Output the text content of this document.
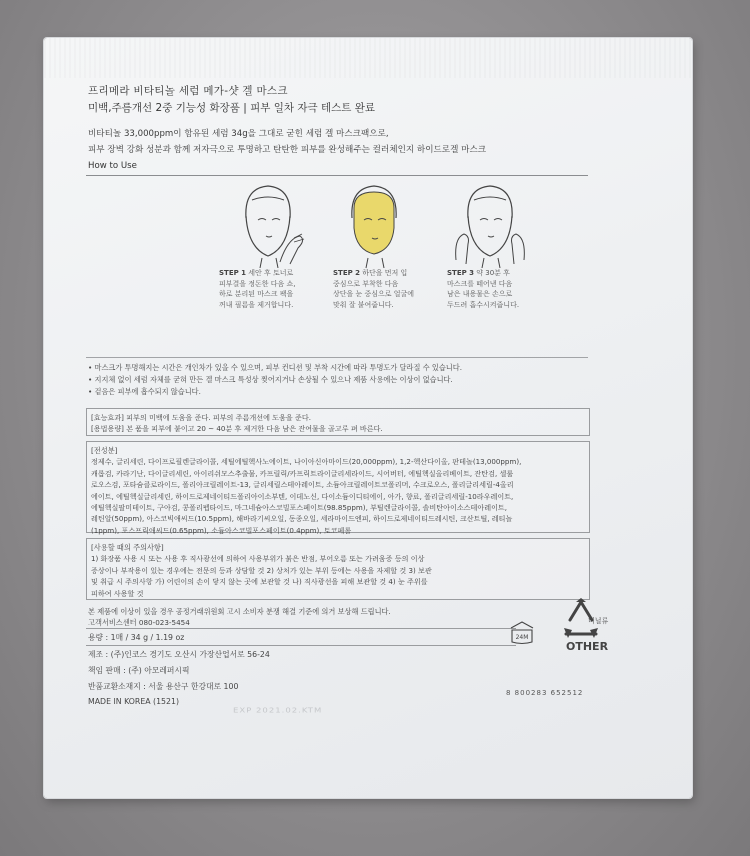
프리메라 비타티놀 세럼 메가-샷 겔 마스크
미백,주름개선 2중 기능성 화장품 | 피부 일차 자극 테스트 완료
비타티놀 33,000ppm이 함유된 세럼 34g을 그대로 굳힌 세럼 겔 마스크팩으로,
피부 장벽 강화 성분과 함께 저자극으로 투명하고 탄탄한 피부를 완성해주는 컬러체인지 하이드로겔 마스크
How to Use
STEP 1 세안 후 토너로
피부결을 정돈한 다음 쇼,
하로 분리된 마스크 팩을
꺼내 필름을 제거합니다.
STEP 2 하단을 먼저 입
중심으로 부착한 다음
상단을 눈 중심으로 얼굴에
맞춰 잘 붙여줍니다.
STEP 3 약 30분 후
마스크를 떼어낸 다음
남은 내용물은 손으로
두드려 흡수시켜줍니다.
• 마스크가 투명해지는 시간은 개인차가 있을 수 있으며, 피부 컨디션 및 부착 시간에 따라 투명도가 달라질 수 있습니다.
• 지지체 없이 세럼 자체를 굳혀 만든 겔 마스크 특성상 찢어지거나 손상될 수 있으나 제품 사용에는 이상이 없습니다.
• 겉음은 피부에 흡수되지 않습니다.
[효능효과] 피부의 미백에 도움을 준다. 피부의 주름개선에 도움을 준다.
[용법용량] 본 품을 피부에 붙이고 20 ~ 40분 후 제거한 다음 남은 잔여물을 골고루 펴 바른다.
[전성분]
정제수, 글리세린, 다이프로필렌글라이콜, 세틸에틸헥사노에이트, 나이아신아마이드(20,000ppm), 1,2-헥산다이올, 판테놀(13,000ppm),
캐롭검, 카라기난, 다이글리세린, 아이리쉬모스추출물, 카프릴릭/카프릭트라이글리세라이드, 시어버터, 에틸헥실올리베이트, 잔탄검, 셀룰
로오스검, 포타슘클로라이드, 폴리아크릴레이트-13, 글리세릴스테아레이트, 소듐아크릴레이트코폴리머, 수크로오스, 폴리글리세릴-4올리
에이트, 에틸헥실글리세린, 하이드로제네이티드폴리아이소부텐, 이데노신, 다이소듐이디티에이, 아가, 향료, 폴리글리세릴-10라우레이트,
에틸헥실팔미테이트, 구아검, 콩폴리펩타이드, 마그네슘아스코빌포스페이트(98.85ppm), 부틸렌글라이콜, 솔비탄아이소스테아레이트,
레틴알(50ppm), 아스코빅애씨드(10.5ppm), 해바라기씨오일, 동종오일, 세라마이드엔피, 하이드로제네이티드레시틴, 크산트틸, 레티놀
(1ppm), 포스프릭애씨드(0.65ppm), 소듐아스코빌포스페이트(0.4ppm), 토코페롤
[사용할 때의 주의사항]
1) 화장품 사용 시 또는 사용 후 직사광선에 의하여 사용부위가 붉은 반점, 부어오름 또는 가려움증 등의 이상
증상이나 부작용이 있는 경우에는 전문의 등과 상담할 것 2) 상처가 있는 부위 등에는 사용을 자제할 것 3) 보관
및 취급 시 주의사항 가) 어린이의 손이 닿지 않는 곳에 보관할 것 나) 직사광선을 피해 보관할 것 4) 눈 주위를
피하여 사용할 것
본 제품에 이상이 있을 경우 공정거래위원회 고시 소비자 분쟁 해결 기준에 의거 보상해 드립니다.
고객서비스센터 080-023-5454
용량 : 1매 / 34 g / 1.19 oz
제조 : (주)인코스 경기도 오산시 가장산업서로 56-24
책임 판매 : (주) 아모레퍼시픽
반품교환소재지 : 서울 용산구 한강대로 100
MADE IN KOREA (1521)
24M
비닐류
OTHER
8 800283 652512
EXP 2021.02.KTM
